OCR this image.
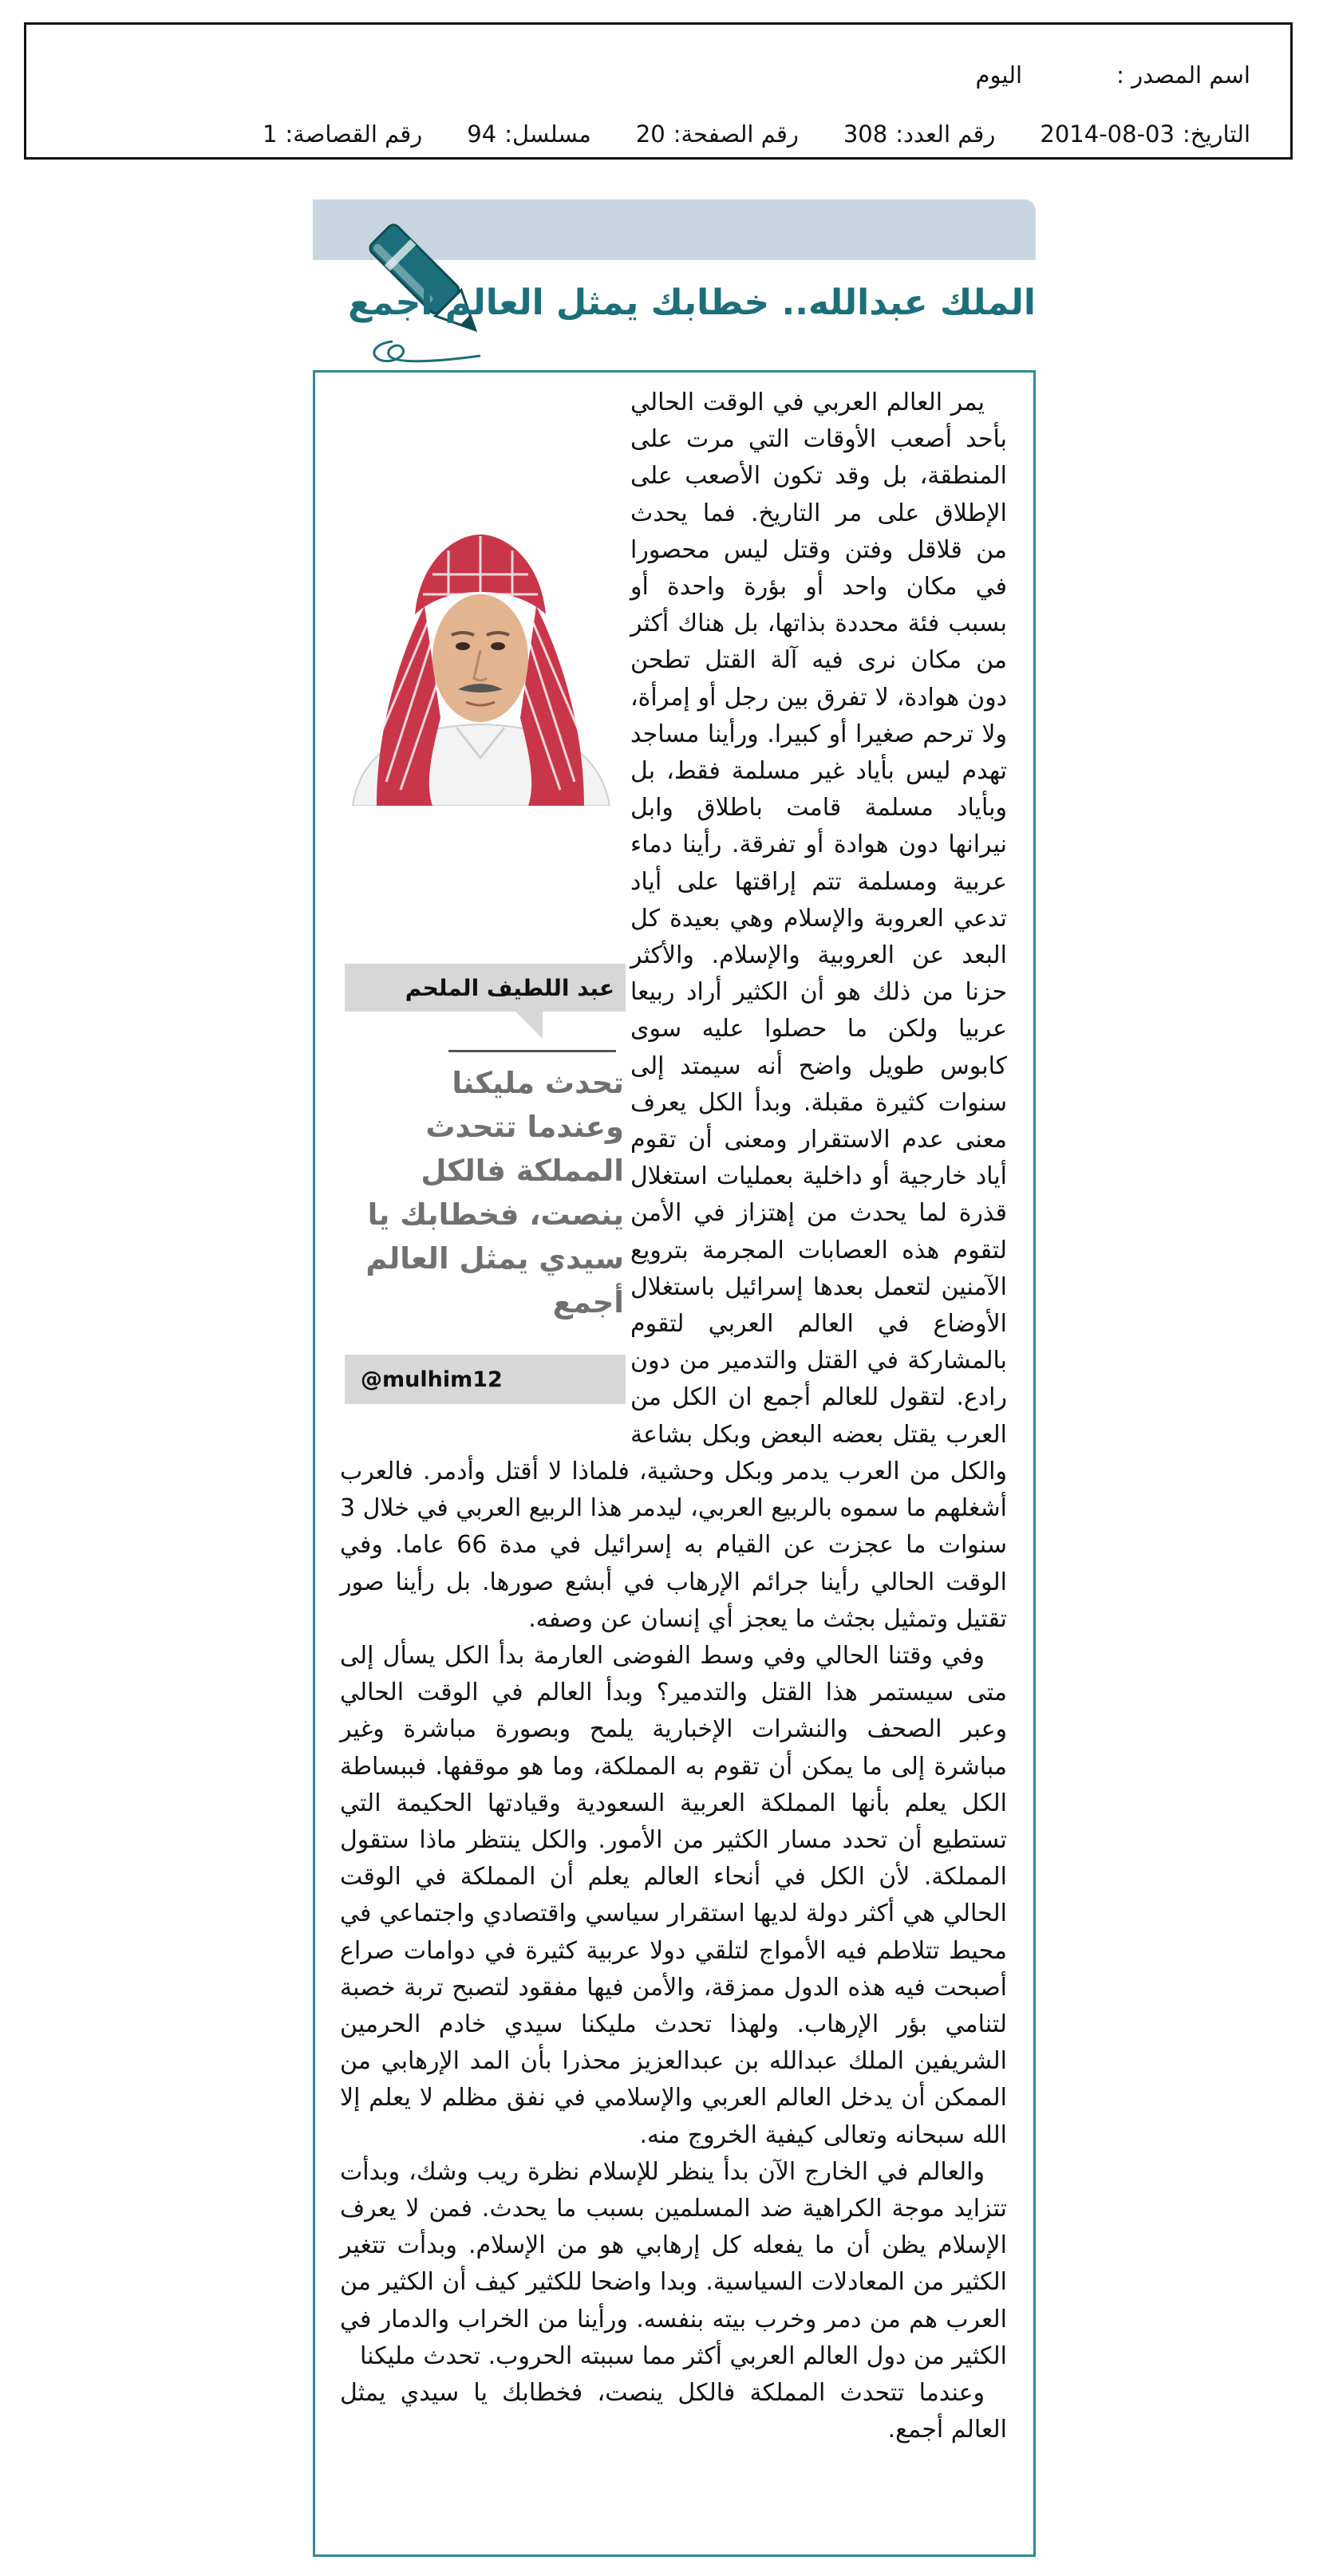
اسم المصدر :
اليوم
التاريخ:
2014-08-03
رقم العدد:
308
رقم الصفحة:
20
مسلسل:
94
رقم القصاصة:
1
الملك عبدالله.. خطابك يمثل العالم أجمع
عبد اللطيف الملحم
تحدث مليكنا وعندما تتحدث المملكة فالكل ينصت، فخطابك يا سيدي يمثل العالم أجمع
@mulhim12

يمر العالم العربي في الوقت الحالي بأحد أصعب الأوقات التي مرت على المنطقة، بل وقد تكون الأصعب على الإطلاق على مر التاريخ. فما يحدث من قلاقل وفتن وقتل ليس محصورا في مكان واحد أو بؤرة واحدة أو بسبب فئة محددة بذاتها، بل هناك أكثر من مكان نرى فيه آلة القتل تطحن دون هوادة، لا تفرق بين رجل أو إمرأة، ولا ترحم صغيرا أو كبيرا. ورأينا مساجد تهدم ليس بأياد غير مسلمة فقط، بل وبأياد مسلمة قامت باطلاق وابل نيرانها دون هوادة أو تفرقة. رأينا دماء عربية ومسلمة تتم إراقتها على أياد تدعي العروبة والإسلام وهي بعيدة كل البعد عن العروبية والإسلام. والأكثر حزنا من ذلك هو أن الكثير أراد ربيعا عربيا ولكن ما حصلوا عليه سوى كابوس طويل واضح أنه سيمتد إلى سنوات كثيرة مقبلة. وبدأ الكل يعرف معنى عدم الاستقرار ومعنى أن تقوم أياد خارجية أو داخلية بعمليات استغلال قذرة لما يحدث من إهتزاز في الأمن لتقوم هذه العصابات المجرمة بترويع الآمنين لتعمل بعدها إسرائيل باستغلال الأوضاع في العالم العربي لتقوم بالمشاركة في القتل والتدمير من دون رادع. لتقول للعالم أجمع ان الكل من العرب يقتل بعضه البعض وبكل بشاعة والكل من العرب يدمر وبكل وحشية، فلماذا لا أقتل وأدمر. فالعرب أشغلهم ما سموه بالربيع العربي، ليدمر هذا الربيع العربي في خلال 3 سنوات ما عجزت عن القيام به إسرائيل في مدة 66 عاما. وفي الوقت الحالي رأينا جرائم الإرهاب في أبشع صورها. بل رأينا صور تقتيل وتمثيل بجثث ما يعجز أي إنسان عن وصفه.

وفي وقتنا الحالي وفي وسط الفوضى العارمة بدأ الكل يسأل إلى متى سيستمر هذا القتل والتدمير؟ وبدأ العالم في الوقت الحالي وعبر الصحف والنشرات الإخبارية يلمح وبصورة مباشرة وغير مباشرة إلى ما يمكن أن تقوم به المملكة، وما هو موقفها. فببساطة الكل يعلم بأنها المملكة العربية السعودية وقيادتها الحكيمة التي تستطيع أن تحدد مسار الكثير من الأمور. والكل ينتظر ماذا ستقول المملكة. لأن الكل في أنحاء العالم يعلم أن المملكة في الوقت الحالي هي أكثر دولة لديها استقرار سياسي واقتصادي واجتماعي في محيط تتلاطم فيه الأمواج لتلقي دولا عربية كثيرة في دوامات صراع أصبحت فيه هذه الدول ممزقة، والأمن فيها مفقود لتصبح تربة خصبة لتنامي بؤر الإرهاب. ولهذا تحدث مليكنا سيدي خادم الحرمين الشريفين الملك عبدالله بن عبدالعزيز محذرا بأن المد الإرهابي من الممكن أن يدخل العالم العربي والإسلامي في نفق مظلم لا يعلم إلا الله سبحانه وتعالى كيفية الخروج منه.

والعالم في الخارج الآن بدأ ينظر للإسلام نظرة ريب وشك، وبدأت تتزايد موجة الكراهية ضد المسلمين بسبب ما يحدث. فمن لا يعرف الإسلام يظن أن ما يفعله كل إرهابي هو من الإسلام. وبدأت تتغير الكثير من المعادلات السياسية. وبدا واضحا للكثير كيف أن الكثير من العرب هم من دمر وخرب بيته بنفسه. ورأينا من الخراب والدمار في الكثير من دول العالم العربي أكثر مما سببته الحروب. تحدث مليكنا

وعندما تتحدث المملكة فالكل ينصت، فخطابك يا سيدي يمثل العالم أجمع.
